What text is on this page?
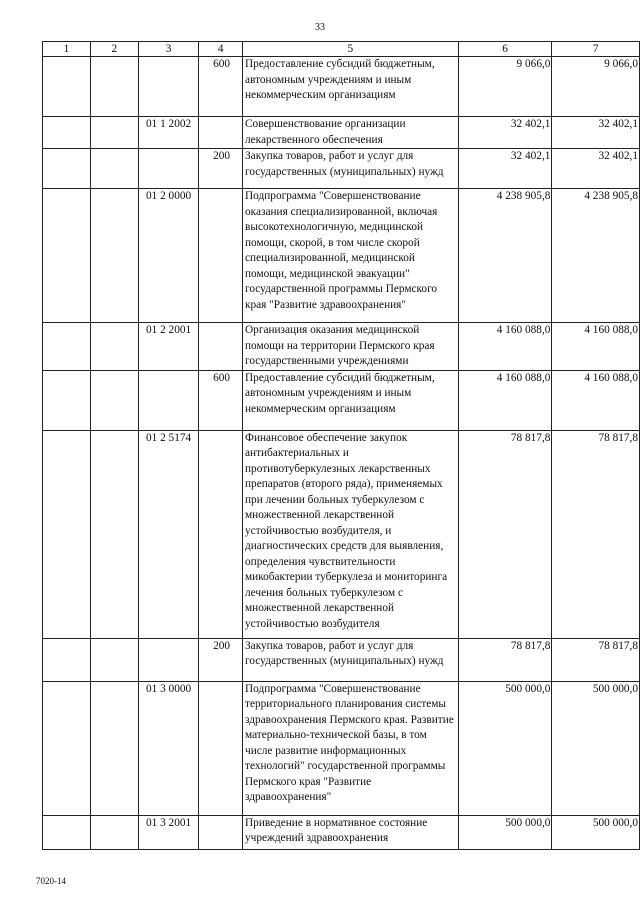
33
1	2	3	4	5	6	7
			600	Предоставление субсидий бюджетным, автономным учреждениям и иным некоммерческим организациям	9 066,0	9 066,0
		01 1 2002		Совершенствование организации лекарственного обеспечения	32 402,1	32 402,1
			200	Закупка товаров, работ и услуг для государственных (муниципальных) нужд	32 402,1	32 402,1
		01 2 0000		Подпрограмма "Совершенствование оказания специализированной, включая высокотехнологичную, медицинской помощи, скорой, в том числе скорой специализированной, медицинской помощи, медицинской эвакуации" государственной программы Пермского края "Развитие здравоохранения"	4 238 905,8	4 238 905,8
		01 2 2001		Организация оказания медицинской помощи на территории Пермского края государственными учреждениями	4 160 088,0	4 160 088,0
			600	Предоставление субсидий бюджетным, автономным учреждениям и иным некоммерческим организациям	4 160 088,0	4 160 088,0
		01 2 5174		Финансовое обеспечение закупок антибактериальных и противотуберкулезных лекарственных препаратов (второго ряда), применяемых при лечении больных туберкулезом с множественной лекарственной устойчивостью возбудителя, и диагностических средств для выявления, определения чувствительности микобактерии туберкулеза и мониторинга лечения больных туберкулезом с множественной лекарственной устойчивостью возбудителя	78 817,8	78 817,8
			200	Закупка товаров, работ и услуг для государственных (муниципальных) нужд	78 817,8	78 817,8
		01 3 0000		Подпрограмма "Совершенствование территориального планирования системы здравоохранения Пермского края. Развитие материально-технической базы, в том числе развитие информационных технологий" государственной программы Пермского края "Развитие здравоохранения"	500 000,0	500 000,0
		01 3 2001		Приведение в нормативное состояние учреждений здравоохранения	500 000,0	500 000,0
7020-14
